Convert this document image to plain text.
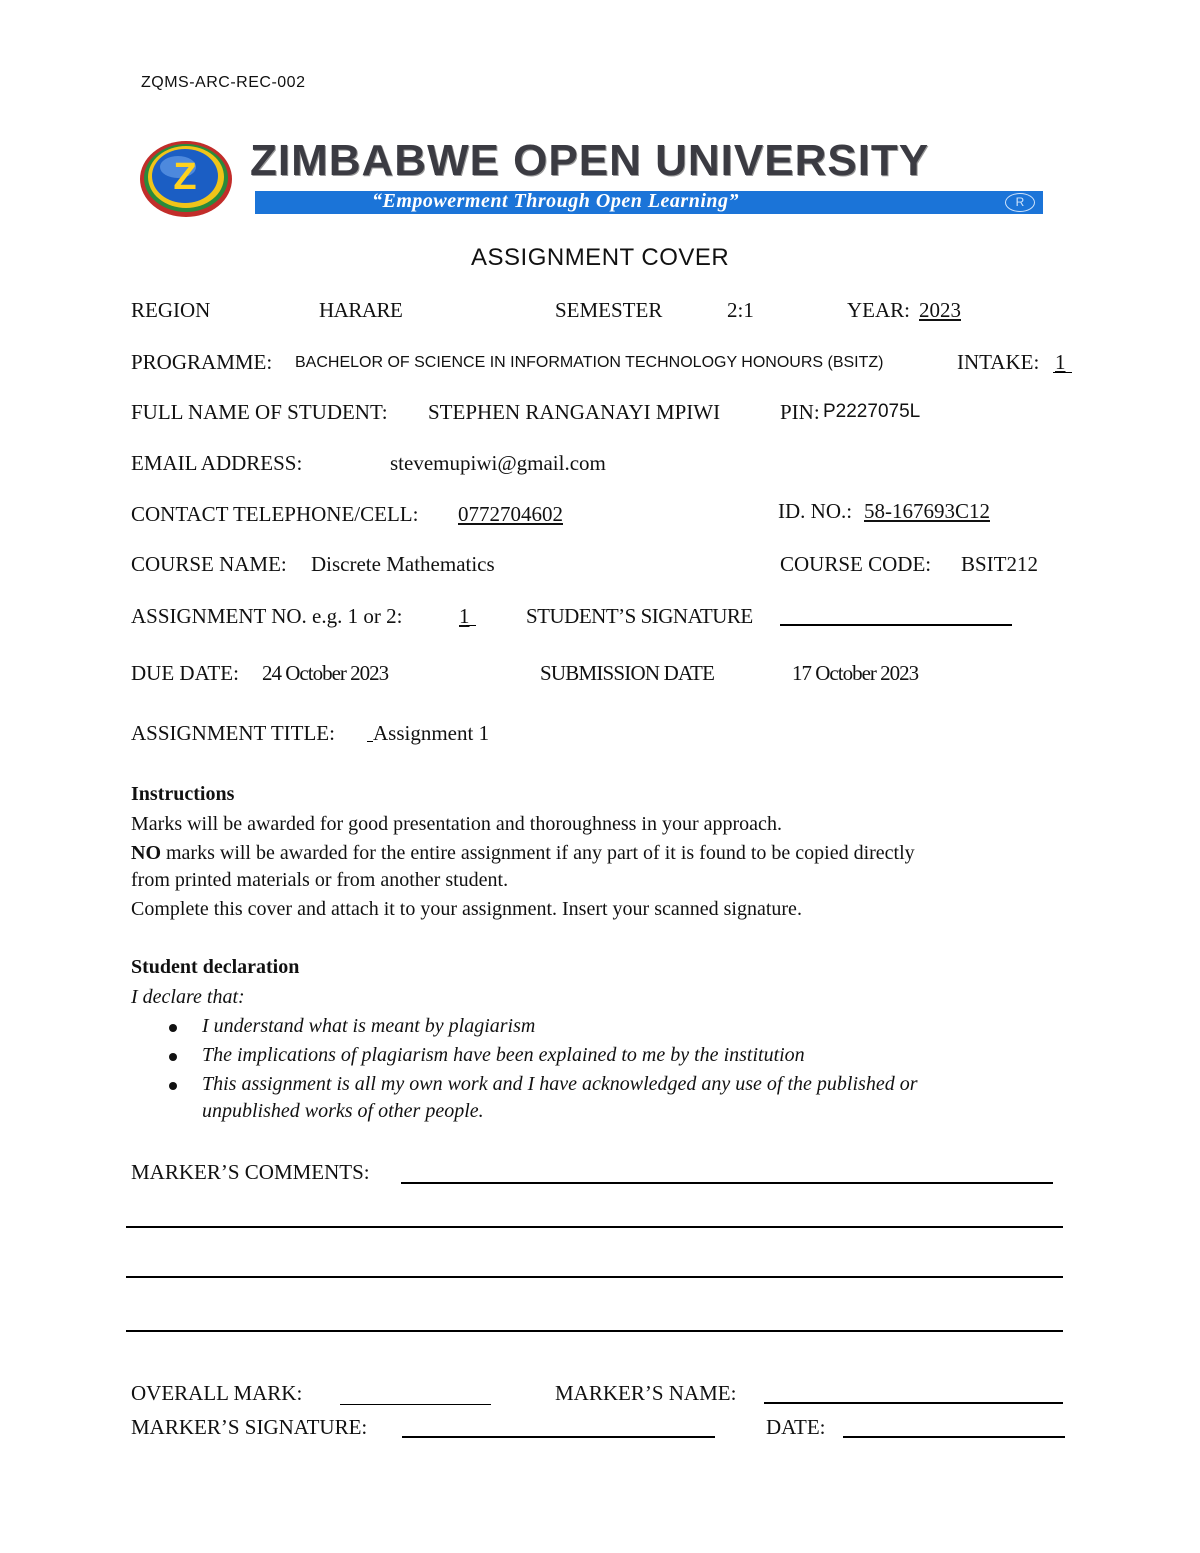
ZQMS-ARC-REC-002
Z ZIMBABWE OPEN UNIVERSITY
“Empowerment Through Open Learning”	R
ASSIGNMENT COVER
REGION	HARARE	SEMESTER	2:1	YEAR: 2023
PROGRAMME: BACHELOR OF SCIENCE IN INFORMATION TECHNOLOGY HONOURS (BSITZ)	INTAKE: 1
FULL NAME OF STUDENT: STEPHEN RANGANAYI MPIWI	PIN: P2227075L
EMAIL ADDRESS:	stevemupiwi@gmail.com
CONTACT TELEPHONE/CELL: 0772704602	ID. NO.: 58-167693C12
COURSE NAME: Discrete Mathematics	COURSE CODE: BSIT212
ASSIGNMENT NO. e.g. 1 or 2:	1	STUDENT’S SIGNATURE
DUE DATE: 24 October 2023	SUBMISSION DATE	17 October 2023
ASSIGNMENT TITLE: Assignment 1
Instructions
Marks will be awarded for good presentation and thoroughness in your approach.
NO marks will be awarded for the entire assignment if any part of it is found to be copied directly
from printed materials or from another student.
Complete this cover and attach it to your assignment. Insert your scanned signature.
Student declaration
I declare that:
I understand what is meant by plagiarism
The implications of plagiarism have been explained to me by the institution
This assignment is all my own work and I have acknowledged any use of the published or
unpublished works of other people.
MARKER’S COMMENTS:
OVERALL MARK:	MARKER’S NAME:
MARKER’S SIGNATURE:	DATE:
